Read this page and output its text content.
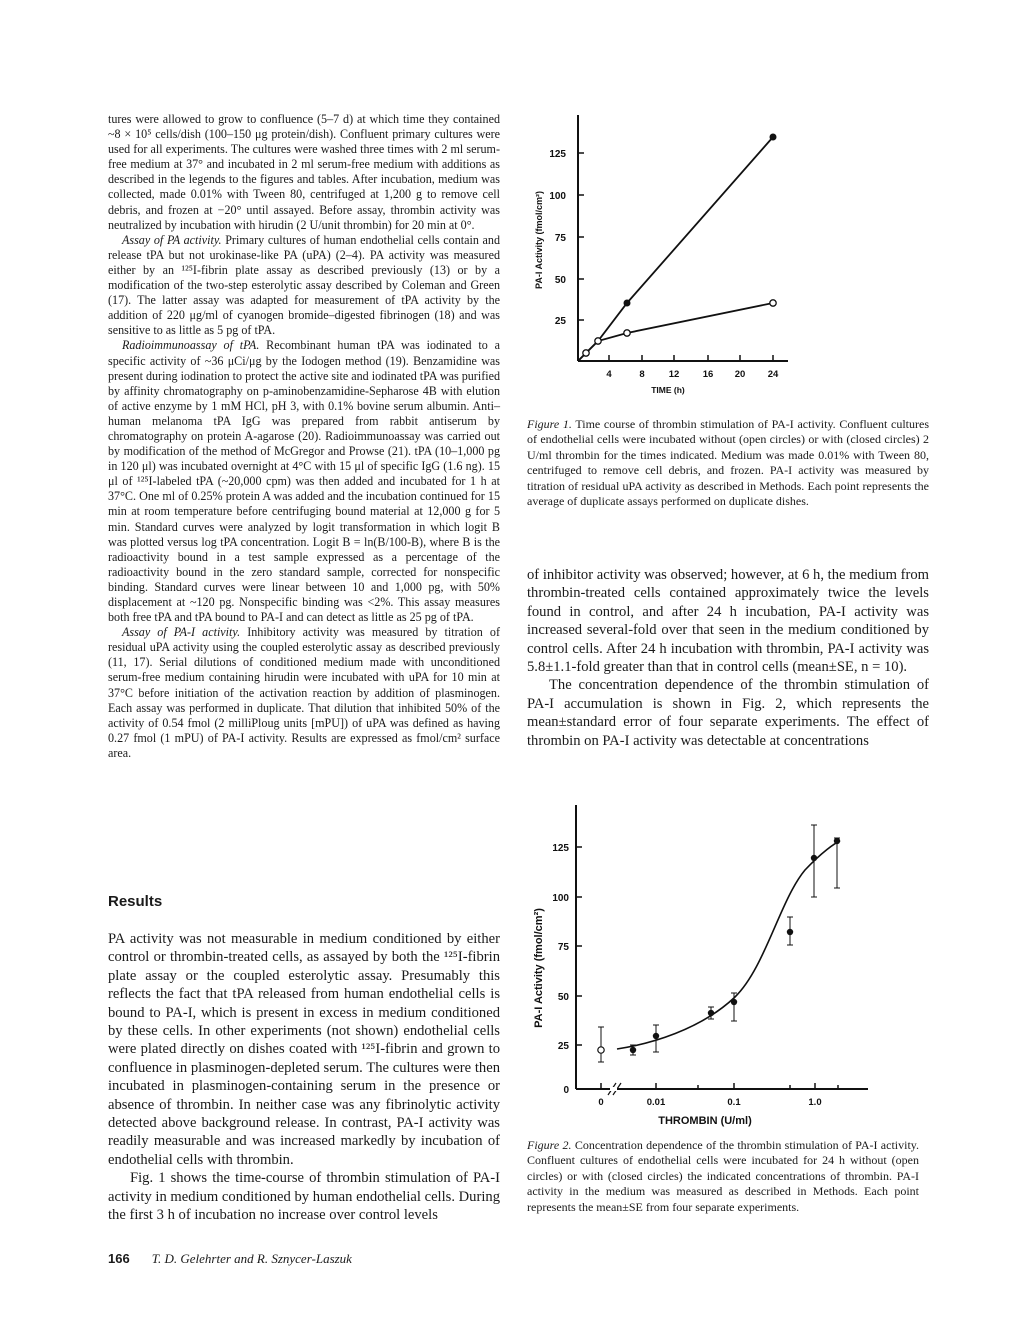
tures were allowed to grow to confluence (5–7 d) at which time they contained ~8 × 10⁵ cells/dish (100–150 μg protein/dish). Confluent primary cultures were used for all experiments. The cultures were washed three times with 2 ml serum-free medium at 37° and incubated in 2 ml serum-free medium with additions as described in the legends to the figures and tables. After incubation, medium was collected, made 0.01% with Tween 80, centrifuged at 1,200 g to remove cell debris, and frozen at −20° until assayed. Before assay, thrombin activity was neutralized by incubation with hirudin (2 U/unit thrombin) for 20 min at 0°.

Assay of PA activity. Primary cultures of human endothelial cells contain and release tPA but not urokinase-like PA (uPA) (2–4). PA activity was measured either by an ¹²⁵I-fibrin plate assay as described previously (13) or by a modification of the two-step esterolytic assay described by Coleman and Green (17). The latter assay was adapted for measurement of tPA activity by the addition of 220 μg/ml of cyanogen bromide–digested fibrinogen (18) and was sensitive to as little as 5 pg of tPA.

Radioimmunoassay of tPA. Recombinant human tPA was iodinated to a specific activity of ~36 μCi/μg by the Iodogen method (19). Benzamidine was present during iodination to protect the active site and iodinated tPA was purified by affinity chromatography on p-aminobenzamidine-Sepharose 4B with elution of active enzyme by 1 mM HCl, pH 3, with 0.1% bovine serum albumin. Anti–human melanoma tPA IgG was prepared from rabbit antiserum by chromatography on protein A-agarose (20). Radioimmunoassay was carried out by modification of the method of McGregor and Prowse (21). tPA (10–1,000 pg in 120 μl) was incubated overnight at 4°C with 15 μl of specific IgG (1.6 ng). 15 μl of ¹²⁵I-labeled tPA (~20,000 cpm) was then added and incubated for 1 h at 37°C. One ml of 0.25% protein A was added and the incubation continued for 15 min at room temperature before centrifuging bound material at 12,000 g for 5 min. Standard curves were analyzed by logit transformation in which logit B was plotted versus log tPA concentration. Logit B = ln(B/100-B), where B is the radioactivity bound in a test sample expressed as a percentage of the radioactivity bound in the zero standard sample, corrected for nonspecific binding. Standard curves were linear between 10 and 1,000 pg, with 50% displacement at ~120 pg. Nonspecific binding was <2%. This assay measures both free tPA and tPA bound to PA-I and can detect as little as 25 pg of tPA.

Assay of PA-I activity. Inhibitory activity was measured by titration of residual uPA activity using the coupled esterolytic assay as described previously (11, 17). Serial dilutions of conditioned medium made with unconditioned serum-free medium containing hirudin were incubated with uPA for 10 min at 37°C before initiation of the activation reaction by addition of plasminogen. Each assay was performed in duplicate. That dilution that inhibited 50% of the activity of 0.54 fmol (2 milliPloug units [mPU]) of uPA was defined as having 0.27 fmol (1 mPU) of PA-I activity. Results are expressed as fmol/cm² surface area.

Results

PA activity was not measurable in medium conditioned by either control or thrombin-treated cells, as assayed by both the ¹²⁵I-fibrin plate assay or the coupled esterolytic assay. Presumably this reflects the fact that tPA released from human endothelial cells is bound to PA-I, which is present in excess in medium conditioned by these cells. In other experiments (not shown) endothelial cells were plated directly on dishes coated with ¹²⁵I-fibrin and grown to confluence in plasminogen-depleted serum. The cultures were then incubated in plasminogen-containing serum in the presence or absence of thrombin. In neither case was any fibrinolytic activity detected above background release. In contrast, PA-I activity was readily measurable and was increased markedly by incubation of endothelial cells with thrombin.

Fig. 1 shows the time-course of thrombin stimulation of PA-I activity in medium conditioned by human endothelial cells. During the first 3 h of incubation no increase over control levels

125
100
75
50
25
4	8	12 16 20 24
TIME (h)
PA-I Activity (fmol/cm²)
Figure 1. Time course of thrombin stimulation of PA-I activity. Confluent cultures of endothelial cells were incubated without (open circles) or with (closed circles) 2 U/ml thrombin for the times indicated. Medium was made 0.01% with Tween 80, centrifuged to remove cell debris, and frozen. PA-I activity was measured by titration of residual uPA activity as described in Methods. Each point represents the average of duplicate assays performed on duplicate dishes.

of inhibitor activity was observed; however, at 6 h, the medium from thrombin-treated cells contained approximately twice the levels found in control, and after 24 h incubation, PA-I activity was increased several-fold over that seen in the medium conditioned by control cells. After 24 h incubation with thrombin, PA-I activity was 5.8±1.1-fold greater than that in control cells (mean±SE, n = 10).

The concentration dependence of the thrombin stimulation of PA-I accumulation is shown in Fig. 2, which represents the mean±standard error of four separate experiments. The effect of thrombin on PA-I activity was detectable at concentrations

125
100
75
50
25
0
0	0.01	0.1	1.0
THROMBIN (U/ml)
PA-I Activity (fmol/cm²)
Figure 2. Concentration dependence of the thrombin stimulation of PA-I activity. Confluent cultures of endothelial cells were incubated for 24 h without (open circles) or with (closed circles) the indicated concentrations of thrombin. PA-I activity in the medium was measured as described in Methods. Each point represents the mean±SE from four separate experiments.
166 T. D. Gelehrter and R. Sznycer-Laszuk
